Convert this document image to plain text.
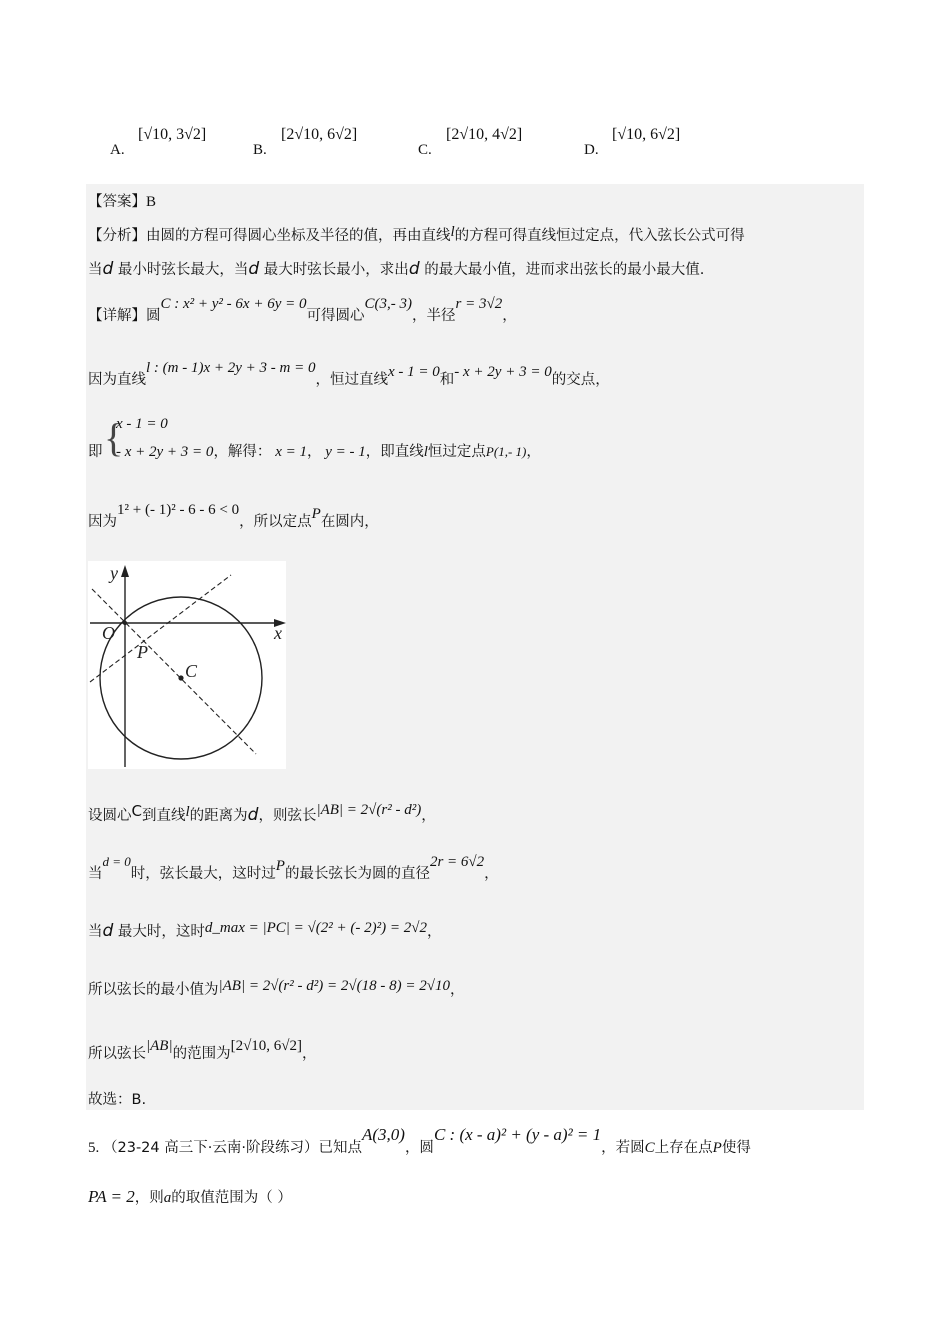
A.
[√10, 3√2]
B.
[2√10, 6√2]
C.
[2√10, 4√2]
D.
[√10, 6√2]
【答案】B
【分析】由圆的方程可得圆心坐标及半径的值，再由直线l的方程可得直线恒过定点，代入弦长公式可得
当d 最小时弦长最大，当d 最大时弦长最小，求出d 的最大最小值，进而求出弦长的最小最大值.
【详解】圆C : x² + y² - 6x + 6y = 0可得圆心C(3,- 3)，半径r = 3√2，
因为直线l : (m - 1)x + 2y + 3 - m = 0，恒过直线x - 1 = 0和- x + 2y + 3 = 0的交点，
即 {
x - 1 = 0
- x + 2y + 3 = 0，解得： x = 1， y = - 1，即直线l恒过定点P(1,- 1)，
因为1² + (- 1)² - 6 - 6 < 0，所以定点P在圆内，
y
x
O
P
C
设圆心C到直线l的距离为d，则弦长|AB| = 2√(r² - d²)，
当d = 0时，弦长最大，这时过P的最长弦长为圆的直径2r = 6√2，
当d 最大时，这时d_max = |PC| = √(2² + (- 2)²) = 2√2，
所以弦长的最小值为|AB| = 2√(r² - d²) = 2√(18 - 8) = 2√10，
所以弦长|AB|的范围为[2√10, 6√2]，
故选：B.
5. （23-24 高三下·云南·阶段练习）已知点A(3,0)，圆C : (x - a)² + (y - a)² = 1，若圆C上存在点P使得
PA = 2，则a的取值范围为（ ）
